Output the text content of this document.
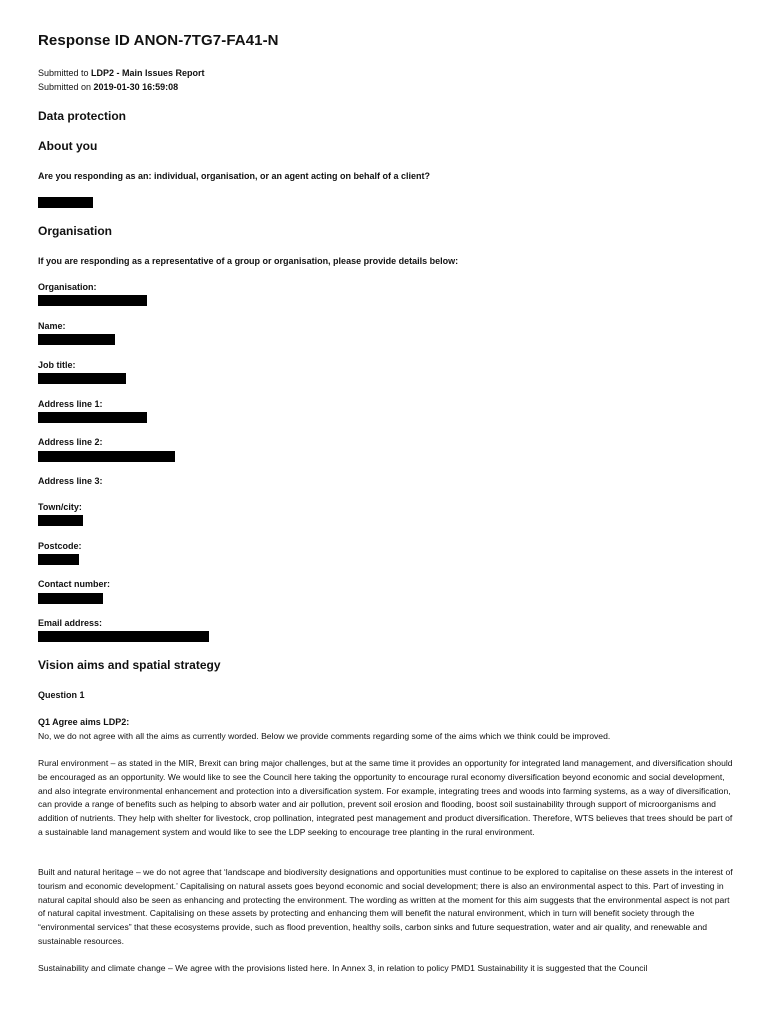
Response ID ANON-7TG7-FA41-N
Submitted to LDP2 - Main Issues Report
Submitted on 2019-01-30 16:59:08
Data protection
About you
Are you responding as an: individual, organisation, or an agent acting on behalf of a client?
Organisation
If you are responding as a representative of a group or organisation, please provide details below:
Organisation:
Name:
Job title:
Address line 1:
Address line 2:
Address line 3:
Town/city:
Postcode:
Contact number:
Email address:
Vision aims and spatial strategy
Question 1
Q1 Agree aims LDP2:

No, we do not agree with all the aims as currently worded. Below we provide comments regarding some of the aims which we think could be improved.

Rural environment – as stated in the MIR, Brexit can bring major challenges, but at the same time it provides an opportunity for integrated land management, and diversification should be encouraged as an opportunity. We would like to see the Council here taking the opportunity to encourage rural economy diversification beyond economic and social development, and also integrate environmental enhancement and protection into a diversification system. For example, integrating trees and woods into farming systems, as a way of diversification, can provide a range of benefits such as helping to absorb water and air pollution, prevent soil erosion and flooding, boost soil sustainability through support of microorganisms and addition of nutrients. They help with shelter for livestock, crop pollination, integrated pest management and product diversification. Therefore, WTS believes that trees should be part of a sustainable land management system and would like to see the LDP seeking to encourage tree planting in the rural environment.

Built and natural heritage – we do not agree that ‘landscape and biodiversity designations and opportunities must continue to be explored to capitalise on these assets in the interest of tourism and economic development.’ Capitalising on natural assets goes beyond economic and social development; there is also an environmental aspect to this. Part of investing in natural capital should also be seen as enhancing and protecting the environment. The wording as written at the moment for this aim suggests that the environmental aspect is not part of natural capital investment. Capitalising on these assets by protecting and enhancing them will benefit the natural environment, which in turn will benefit society through the “environmental services” that these ecosystems provide, such as flood prevention, healthy soils, carbon sinks and future sequestration, water and air quality, and renewable and sustainable resources.

Sustainability and climate change – We agree with the provisions listed here. In Annex 3, in relation to policy PMD1 Sustainability it is suggested that the Council
